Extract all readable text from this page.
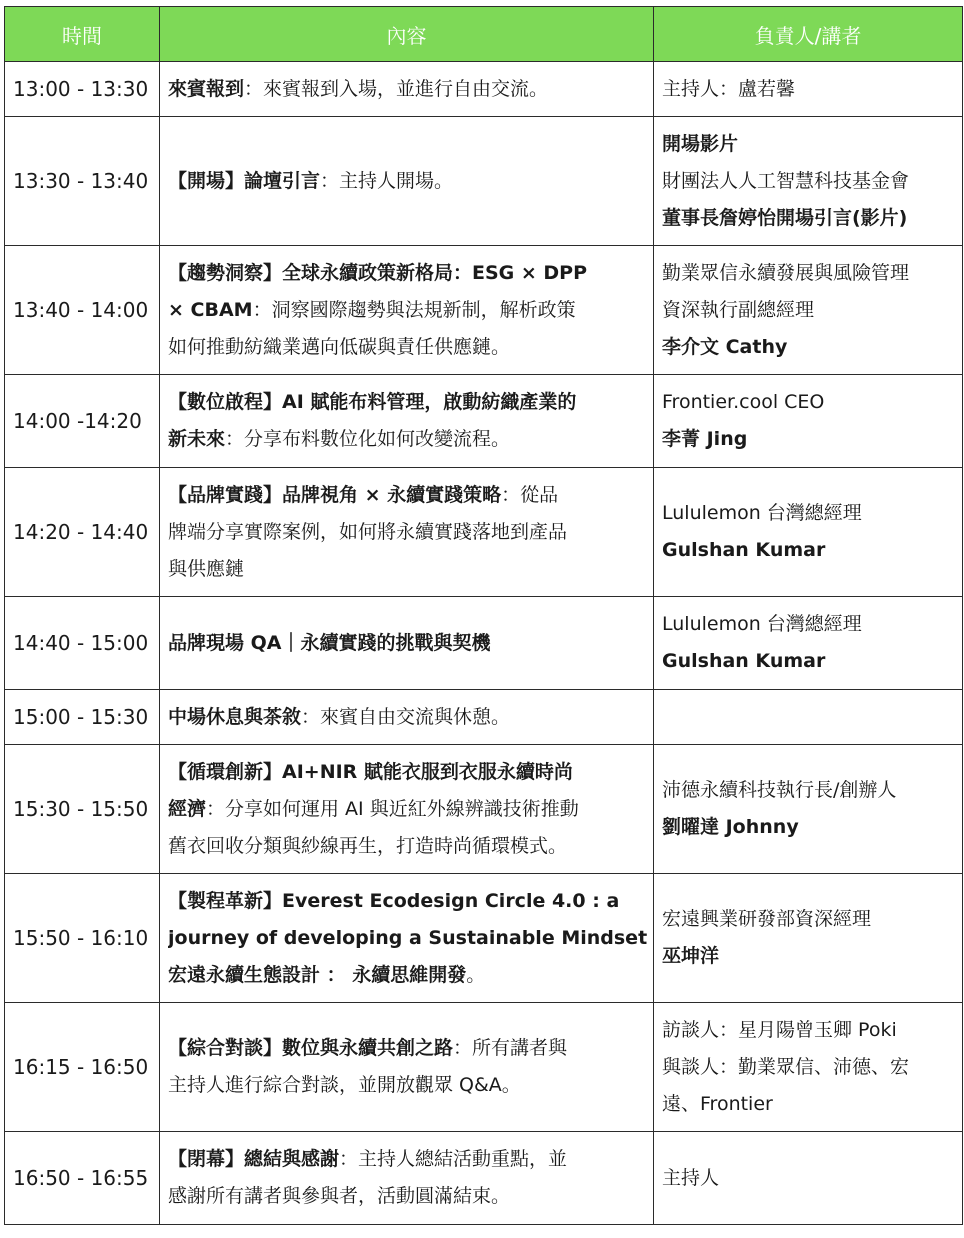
時間	內容	負責人/講者
13:00 - 13:30	來賓報到：來賓報到入場，並進行自由交流。	主持人：盧若馨

13:30 - 13:40	【開場】論壇引言：主持人開場。	開場影片
財團法人人工智慧科技基金會
董事長詹婷怡開場引言(影片)

13:40 - 14:00	【趨勢洞察】全球永續政策新格局：ESG × DPP
× CBAM：洞察國際趨勢與法規新制，解析政策
如何推動紡織業邁向低碳與責任供應鏈。	勤業眾信永續發展與風險管理
資深執行副總經理
李介文 Cathy

14:00 -14:20	【數位啟程】AI 賦能布料管理，啟動紡織產業的
新未來：分享布料數位化如何改變流程。	Frontier.cool CEO
李菁 Jing

14:20 - 14:40	【品牌實踐】品牌視角 × 永續實踐策略：從品
牌端分享實際案例，如何將永續實踐落地到產品
與供應鏈	Lululemon 台灣總經理
Gulshan Kumar

14:40 - 15:00	品牌現場 QA｜永續實踐的挑戰與契機	Lululemon 台灣總經理
Gulshan Kumar

15:00 - 15:30	中場休息與茶敘：來賓自由交流與休憩。	

15:30 - 15:50	【循環創新】AI+NIR 賦能衣服到衣服永續時尚
經濟：分享如何運用 AI 與近紅外線辨識技術推動
舊衣回收分類與紗線再生，打造時尚循環模式。	沛德永續科技執行長/創辦人
劉曜達 Johnny

15:50 - 16:10	【製程革新】Everest Ecodesign Circle 4.0 : a
journey of developing a Sustainable Mindset
宏遠永續生態設計 ： 永續思維開發。	宏遠興業研發部資深經理
巫坤洋

16:15 - 16:50	【綜合對談】數位與永續共創之路：所有講者與
主持人進行綜合對談，並開放觀眾 Q&A。	訪談人：星月陽曾玉卿 Poki
與談人：勤業眾信、沛德、宏
遠、Frontier

16:50 - 16:55	【閉幕】總結與感謝：主持人總結活動重點，並
感謝所有講者與參與者，活動圓滿結束。	主持人
